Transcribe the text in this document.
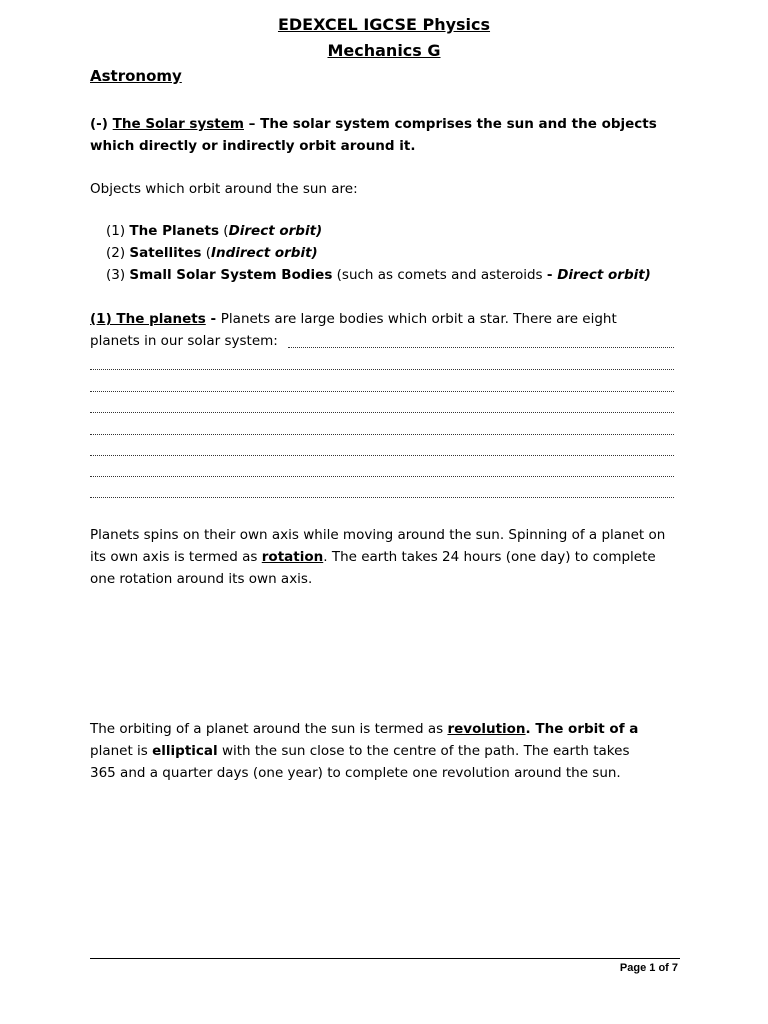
EDEXCEL IGCSE Physics
Mechanics G
Astronomy
(-) The Solar system – The solar system comprises the sun and the objects
which directly or indirectly orbit around it.
Objects which orbit around the sun are:
(1) The Planets (Direct orbit)
(2) Satellites (Indirect orbit)
(3) Small Solar System Bodies (such as comets and asteroids - Direct orbit)
(1) The planets - Planets are large bodies which orbit a star. There are eight
planets in our solar system:
Planets spins on their own axis while moving around the sun. Spinning of a planet on
its own axis is termed as rotation. The earth takes 24 hours (one day) to complete
one rotation around its own axis.
The orbiting of a planet around the sun is termed as revolution. The orbit of a
planet is elliptical with the sun close to the centre of the path. The earth takes
365 and a quarter days (one year) to complete one revolution around the sun.
Page 1 of 7
